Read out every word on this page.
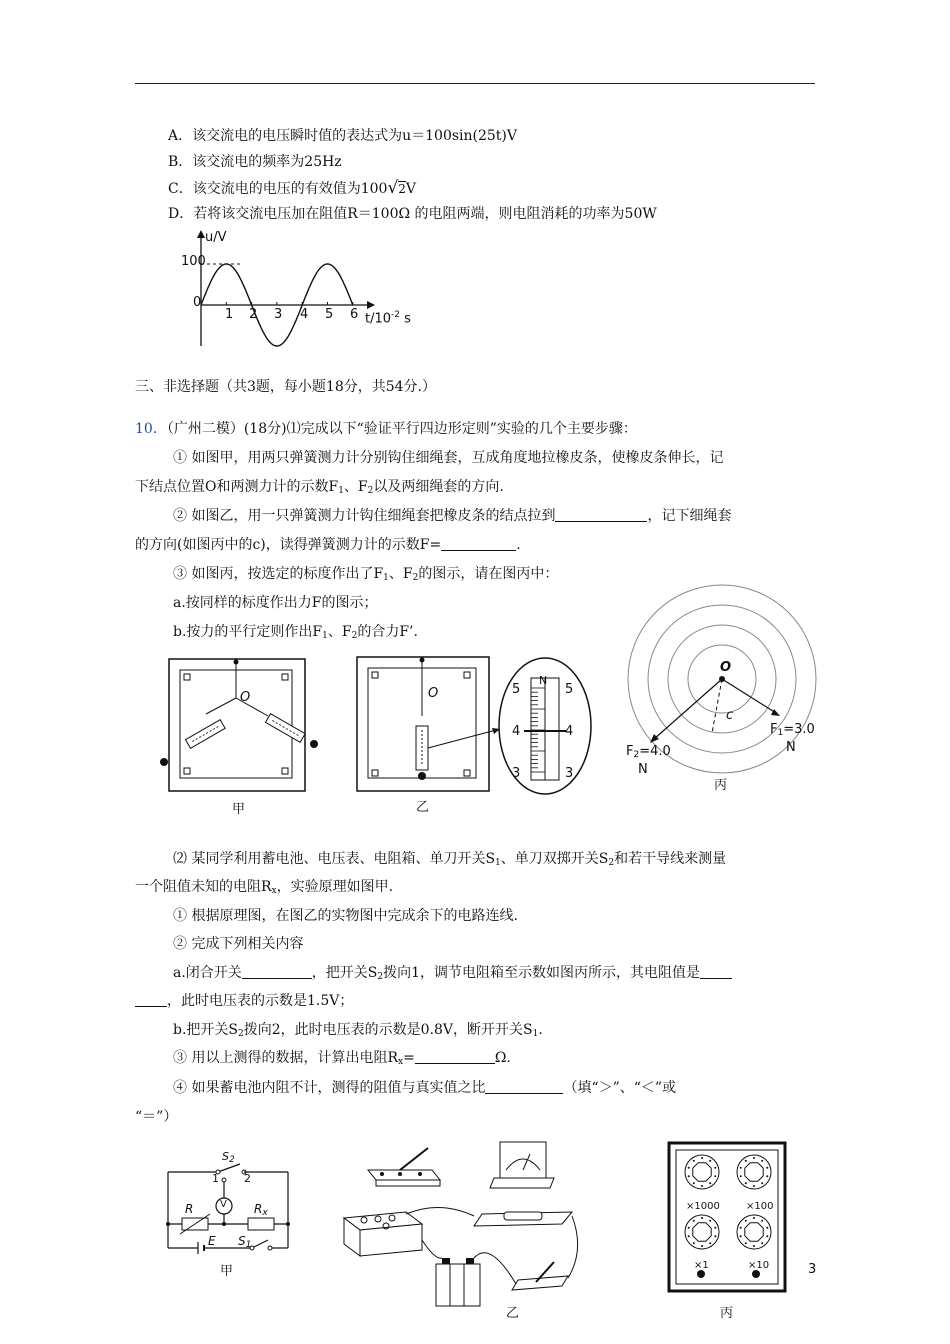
A．该交流电的电压瞬时值的表达式为u＝100sin(25t)V
B．该交流电的频率为25Hz
C．该交流电的电压的有效值为100√2V
D．若将该交流电压加在阻值R＝100Ω 的电阻两端，则电阻消耗的功率为50W
u/V
100
0
1 2 3 4 5 6 $t/10^{-2}$ s
三、非选择题（共3题，每小题18分，共54分.）
10．（广州二模）(18分)⑴完成以下“验证平行四边形定则”实验的几个主要步骤：
① 如图甲，用两只弹簧测力计分别钩住细绳套，互成角度地拉橡皮条，使橡皮条伸长，记
下结点位置O和两测力计的示数$F_1$、$F_2$以及两细绳套的方向.
② 如图乙，用一只弹簧测力计钩住细绳套把橡皮条的结点拉到	，记下细绳套
的方向(如图丙中的c)，读得弹簧测力计的示数F=	.
③ 如图丙，按选定的标度作出了$F_1$、$F_2$的图示，请在图丙中：
a.按同样的标度作出力F的图示；
b.按力的平行定则作出$F_1$、$F_2$的合力F’.
O
甲
O	5	5
N
4	4
3	3
乙
O
c
$F_1=3.0$
N
$F_2=4.0$
N
丙
⑵ 某同学利用蓄电池、电压表、电阻箱、单刀开关$S_1$、单刀双掷开关$S_2$和若干导线来测量
一个阻值未知的电阻$R_x$，实验原理如图甲.
① 根据原理图，在图乙的实物图中完成余下的电路连线.
② 完成下列相关内容
a.闭合开关	，把开关$S_2$拨向1，调节电阻箱至示数如图丙所示，其电阻值是
，此时电压表的示数是1.5V；
b.把开关$S_2$拨向2，此时电压表的示数是0.8V，断开开关$S_1$.
③ 用以上测得的数据，计算出电阻$R_x=$	Ω.
④ 如果蓄电池内阻不计，测得的阻值与真实值之比	（填“＞”、“＜”或
“＝”）
$S_2$
1 2
V
R	$R_x$
E $S_1$
甲
乙
×1000	×100
×1	×10
丙
3
